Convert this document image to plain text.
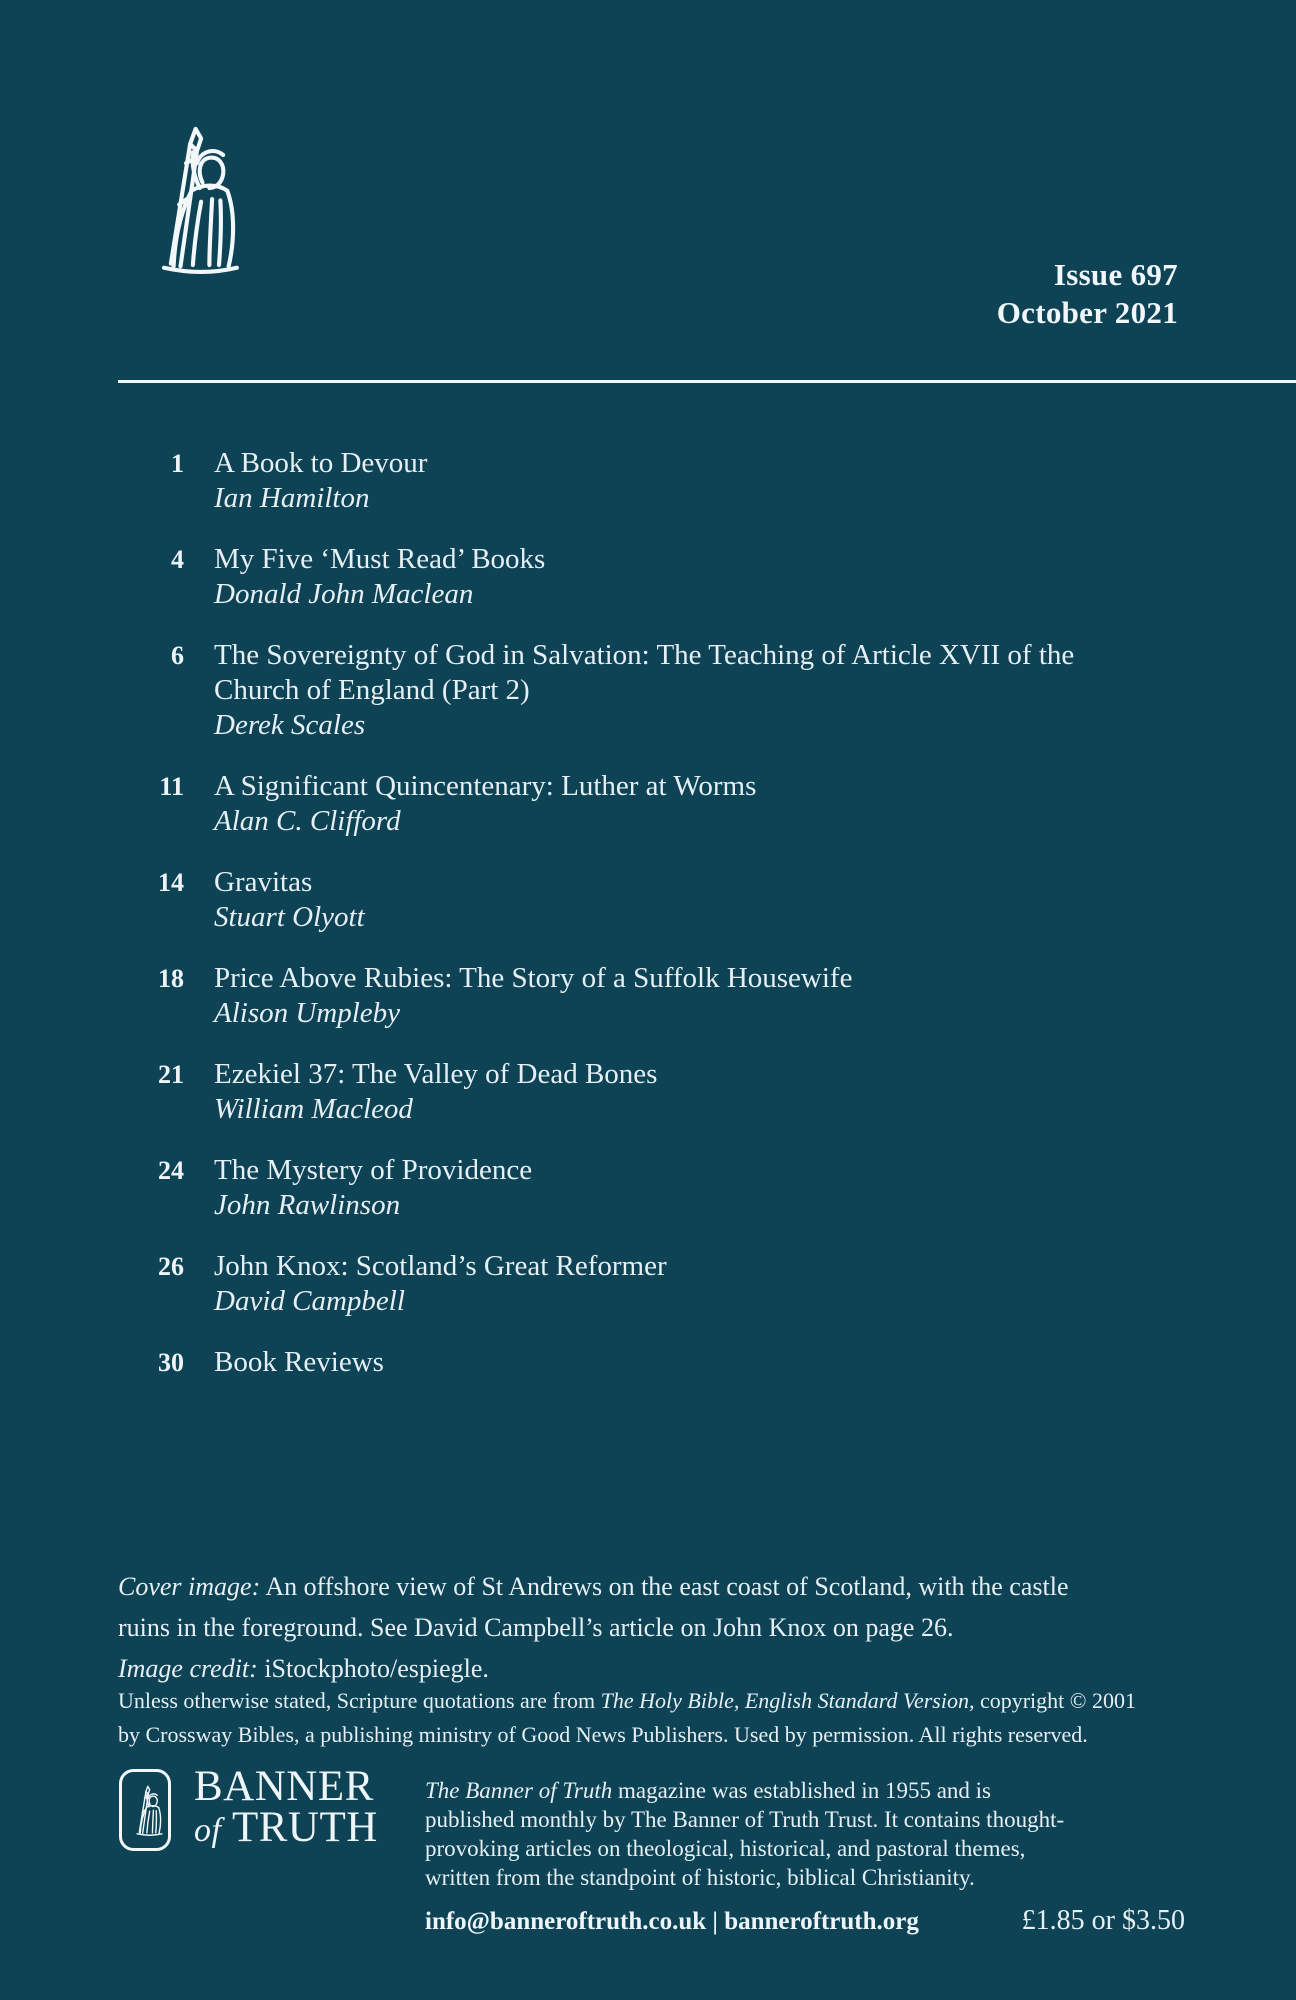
Issue 697
October 2021
1 A Book to Devour
Ian Hamilton
4 My Five ‘Must Read’ Books
Donald John Maclean
6 The Sovereignty of God in Salvation: The Teaching of Article XVII of the Church of England (Part 2)
Derek Scales
11 A Significant Quincentenary: Luther at Worms
Alan C. Clifford
14 Gravitas
Stuart Olyott
18 Price Above Rubies: The Story of a Suffolk Housewife
Alison Umpleby
21 Ezekiel 37: The Valley of Dead Bones
William Macleod
24 The Mystery of Providence
John Rawlinson
26 John Knox: Scotland’s Great Reformer
David Campbell
30 Book Reviews
Cover image: An offshore view of St Andrews on the east coast of Scotland, with the castle
ruins in the foreground. See David Campbell’s article on John Knox on page 26.
Image credit: iStockphoto/espiegle.
Unless otherwise stated, Scripture quotations are from The Holy Bible, English Standard Version, copyright © 2001
by Crossway Bibles, a publishing ministry of Good News Publishers. Used by permission. All rights reserved.
BANNER
of TRUTH
The Banner of Truth magazine was established in 1955 and is
published monthly by The Banner of Truth Trust. It contains thought-
provoking articles on theological, historical, and pastoral themes,
written from the standpoint of historic, biblical Christianity.
info@banneroftruth.co.uk | banneroftruth.org	£1.85 or $3.50
